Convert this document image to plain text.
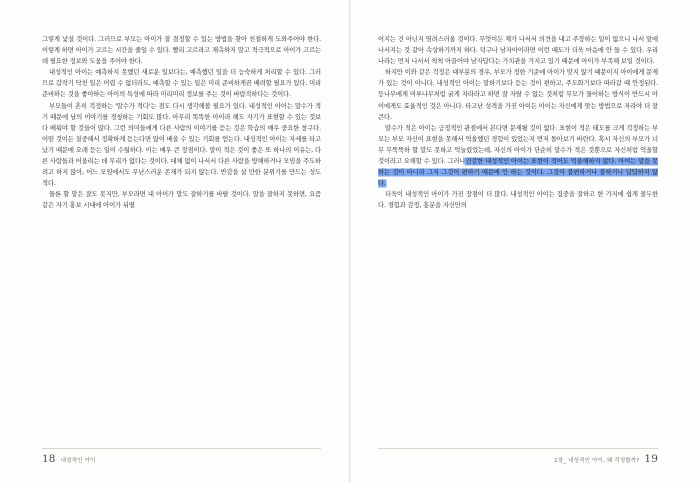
그렇게 낯설 것이다. 그러므로 부모는 아이가 잘 결정할 수 있는 방법을 찾아 친절하게 도와주어야 한다. 이렇게 하면 아이가 고르는 시간을 줄일 수 있다. 빨리 고르라고 재촉하지 말고 적극적으로 아이가 고르는 데 필요한 정보와 도움을 주어야 한다.

내성적인 아이는 예측하지 못했던 새로운 일보다는, 예측했던 일을 더 능숙하게 처리할 수 있다. 그러므로 갑작기 닥친 일은 어렵 수 없더라도, 예측할 수 있는 일은 미리 준비하게끔 배려할 필요가 있다. 미리 준비하는 것을 좋아하는 아이의 특성에 따라 미리미리 정보를 주는 것이 바람직하다는 것이다.

부모들이 흔히 걱정하는 '말수가 적다'는 점도 다시 생각해볼 필요가 있다. 내성적인 아이는 말수가 적기 때문에 남의 이야기를 경청하는 기회도 많다. 아무리 똑똑한 아이라 해도 자기가 표현할 수 있는 것보다 배워야 할 것들이 많다. 그런 의미들에게 다른 사람의 이야기를 듣는 것은 학습의 매우 중요한 창구다. 어떤 것이든 질중해서 정확하게 듣는다면 많이 배울 수 있는 기회를 얻는다. 내성적인 아이는 자세를 타고났기 때문에 오래 듣는 일이 수월하다. 이는 매우 큰 장점이다. 말이 적은 것이 좋은 또 하나의 이유는, 다른 사람들과 어울리는 데 무리가 없다는 것이다. 대체 없이 나서서 다른 사람을 방해하거나 모임을 주도하려고 하지 않아, 어느 모임에서도 무난스러운 존재가 되지 않는다. 반감을 살 만한 분위기를 만드는 성도 적다.

물론 할 말은 잘도 못지만, 부모라면 내 아이가 말도 잘하기를 바랄 것이다. 말을 잘하지 못하면, 요즘 같은 자기 홍보 시대에 아이가 뒤떨

18 내성적인 아이

어지는 건 아닌지 염려스러울 것이다. 무엇이든 제가 나서서 의견을 내고 주장하는 일이 없으니 나서 앞에 나서지는 것 같아 속상하기까지 하다. 덕구나 남자아이라면 이런 때도가 더욱 마음에 안 들 수 있다. 우리나라는 먼저 나서서 척척 아끌어야 남자답다는 가치관을 가지고 있기 때문에 아이가 부족해 보일 것이다.

하지만 이와 같은 걱정은 대부분의 경우, 부모가 정한 기준에 아이가 맞지 않기 때문이지 아이에게 문제가 있는 것이 아니다. 내성적인 아이는 말하기보다 듣는 것이 편하고, 주도화기보다 따라갈 때 안정된다. 등나무에게 머루나무처럼 굵게 자라라고 하면 잘 자랄 수 없는 것처럼 무모가 물어하는 방식이 반드시 아이에게도 효율적인 것은 아니다. 타고난 성격을 가진 아이든 아이는 자신에게 맞는 방법으로 자라야 더 잘 큰다.

말수가 적은 아이는 긍정적인 관점에서 본다면 문제될 것이 없다. 표현이 적은 태도를 크게 걱정하는 부모는 부모 자신이 표현을 못해서 억울했던 경험이 있었는지 먼저 돌아보기 바란다. 혹시 자신의 부모가 너무 무뚝뚝하 할 말도 못하고 억눌렸었는데, 자신의 아이가 단순히 말수가 적은 것뿐으로 자신처럼 억울할 것이라고 오해할 수 있다. 그러나건강한 내성적인 아이는 표현이 적어도 억울해하지 않다. 아이는 말을 못하는 것이 아니라 그저 그것이 편하기 때문에 안 하는 것이다. 그것이 불편하거나 불하거나 답답하지 않다.

더욱이 내성적인 아이가 가진 장점이 더 많다. 내성적인 아이는 집중을 잘하고 한 가지에 쉽게 몰두한다. 경험과 감정, 홍분을 자신만의

1장_ 내성적인 아이, 왜 걱정할까? 19
